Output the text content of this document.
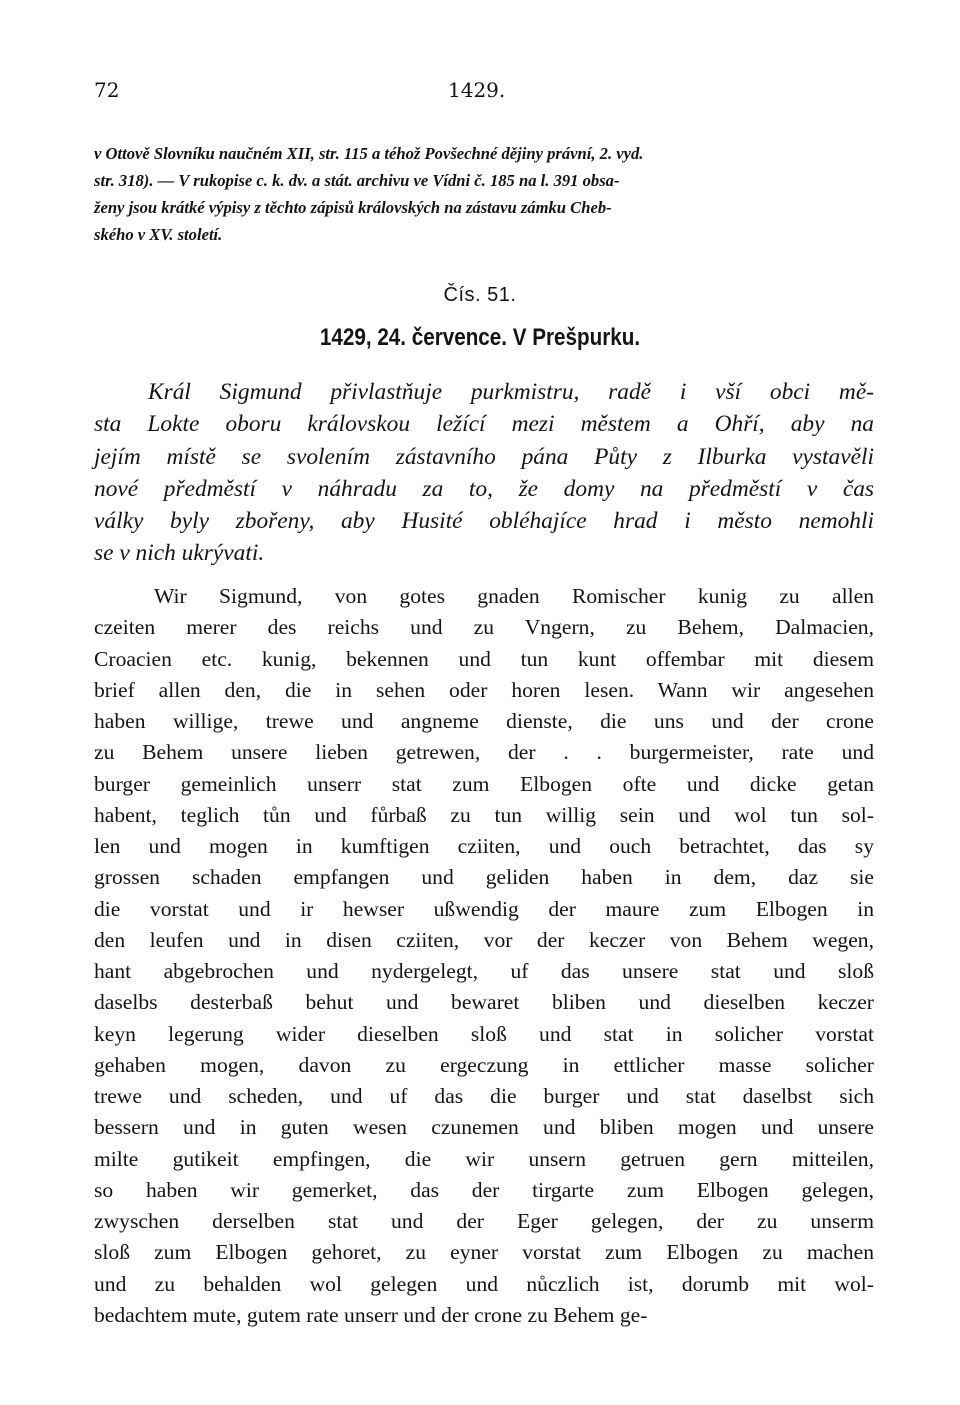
72	1429.
v Ottově Slovníku naučném XII, str. 115 a téhož Povšechné dějiny právní, 2. vyd.
str. 318). — V rukopise c. k. dv. a stát. archivu ve Vídni č. 185 na l. 391 obsa-
ženy jsou krátké výpisy z těchto zápisů královských na zástavu zámku Cheb-
ského v XV. století.
Čís. 51.
1429, 24. července. V Prešpurku.
Král Sigmund přivlastňuje purkmistru, radě i vší obci mě-
sta Lokte oboru královskou ležící mezi městem a Ohří, aby na
jejím místě se svolením zástavního pána Půty z Ilburka vystavěli
nové předměstí v náhradu za to, že domy na předměstí v čas
války byly zbořeny, aby Husité obléhajíce hrad i město nemohli
se v nich ukrývati.
Wir Sigmund, von gotes gnaden Romischer kunig zu allen
czeiten merer des reichs und zu Vngern, zu Behem, Dalmacien,
Croacien etc. kunig, bekennen und tun kunt offembar mit diesem
brief allen den, die in sehen oder horen lesen. Wann wir angesehen
haben willige, trewe und angneme dienste, die uns und der crone
zu Behem unsere lieben getrewen, der . . burgermeister, rate und
burger gemeinlich unserr stat zum Elbogen ofte und dicke getan
habent, teglich tůn und fůrbaß zu tun willig sein und wol tun sol-
len und mogen in kumftigen cziiten, und ouch betrachtet, das sy
grossen schaden empfangen und geliden haben in dem, daz sie
die vorstat und ir hewser ußwendig der maure zum Elbogen in
den leufen und in disen cziiten, vor der keczer von Behem wegen,
hant abgebrochen und nydergelegt, uf das unsere stat und sloß
daselbs desterbaß behut und bewaret bliben und dieselben keczer
keyn legerung wider dieselben sloß und stat in solicher vorstat
gehaben mogen, davon zu ergeczung in ettlicher masse solicher
trewe und scheden, und uf das die burger und stat daselbst sich
bessern und in guten wesen czunemen und bliben mogen und unsere
milte gutikeit empfingen, die wir unsern getruen gern mitteilen,
so haben wir gemerket, das der tirgarte zum Elbogen gelegen,
zwyschen derselben stat und der Eger gelegen, der zu unserm
sloß zum Elbogen gehoret, zu eyner vorstat zum Elbogen zu machen
und zu behalden wol gelegen und nůczlich ist, dorumb mit wol-
bedachtem mute, gutem rate unserr und der crone zu Behem ge-
